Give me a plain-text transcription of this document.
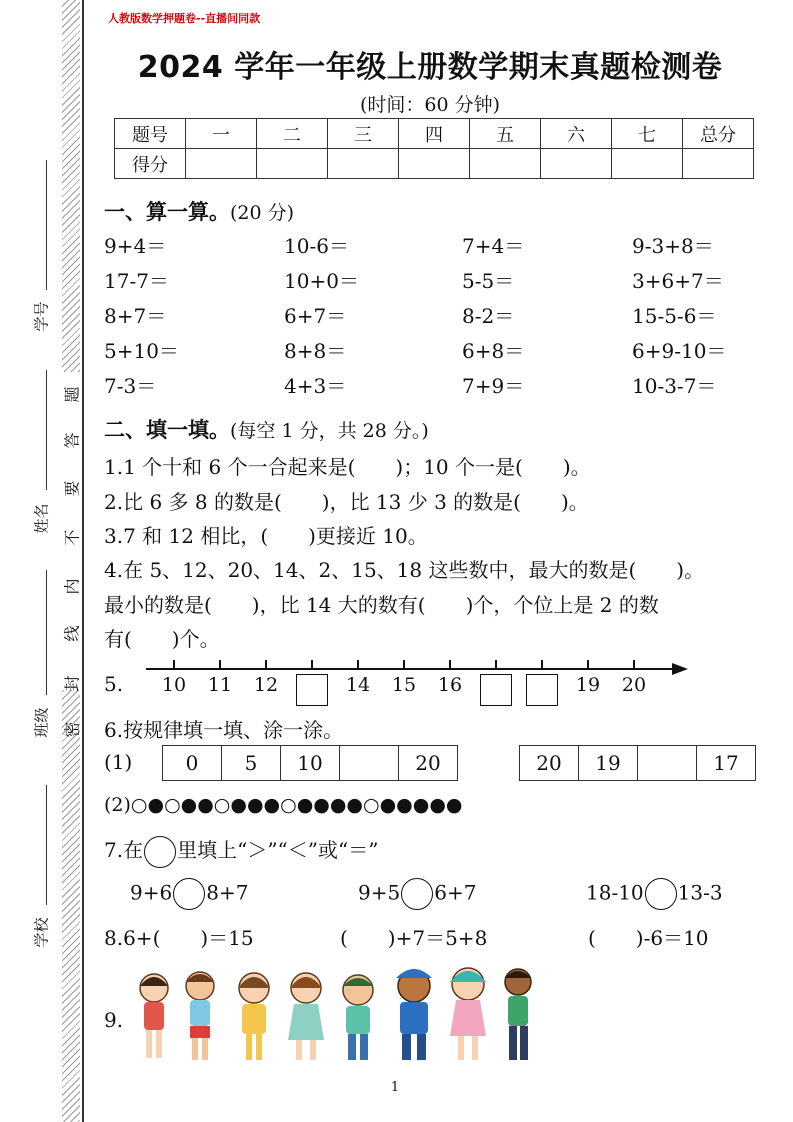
题
答
要
不
内
线
封
密
学号
姓名
班级
学校
人教版数学押题卷--直播间同款
2024 学年一年级上册数学期末真题检测卷
(时间：60 分钟)
题号	一	二	三	四	五	六	七	总分
得分								
一、算一算。(20 分)
9+4＝	10-6＝	7+4＝	9-3+8＝
17-7＝	10+0＝	5-5＝	3+6+7＝
8+7＝	6+7＝	8-2＝	15-5-6＝
5+10＝	8+8＝	6+8＝	6+9-10＝
7-3＝	4+3＝	7+9＝	10-3-7＝
二、填一填。(每空 1 分，共 28 分。)
1.1 个十和 6 个一合起来是(　　)；10 个一是(　　)。
2.比 6 多 8 的数是(　　)，比 13 少 3 的数是(　　)。
3.7 和 12 相比，(　　)更接近 10。
4.在 5、12、20、14、2、15、18 这些数中，最大的数是(　　)。
最小的数是(　　)，比 14 大的数有(　　)个，个位上是 2 的数
有(　　)个。
5.	10	11	12	14	15	16	19	20
6.按规律填一填、涂一涂。
(1)	0	5	10		20	20	19		17
(2)○●○●●○●●●○●●●●○●●●●●
7.在 里填上“＞”“＜”或“＝”
9+6 8+7	9+5 6+7	18-10 13-3
8.6+(　　)＝15	(　　)+7＝5+8	(　　)-6＝10
9.
1
